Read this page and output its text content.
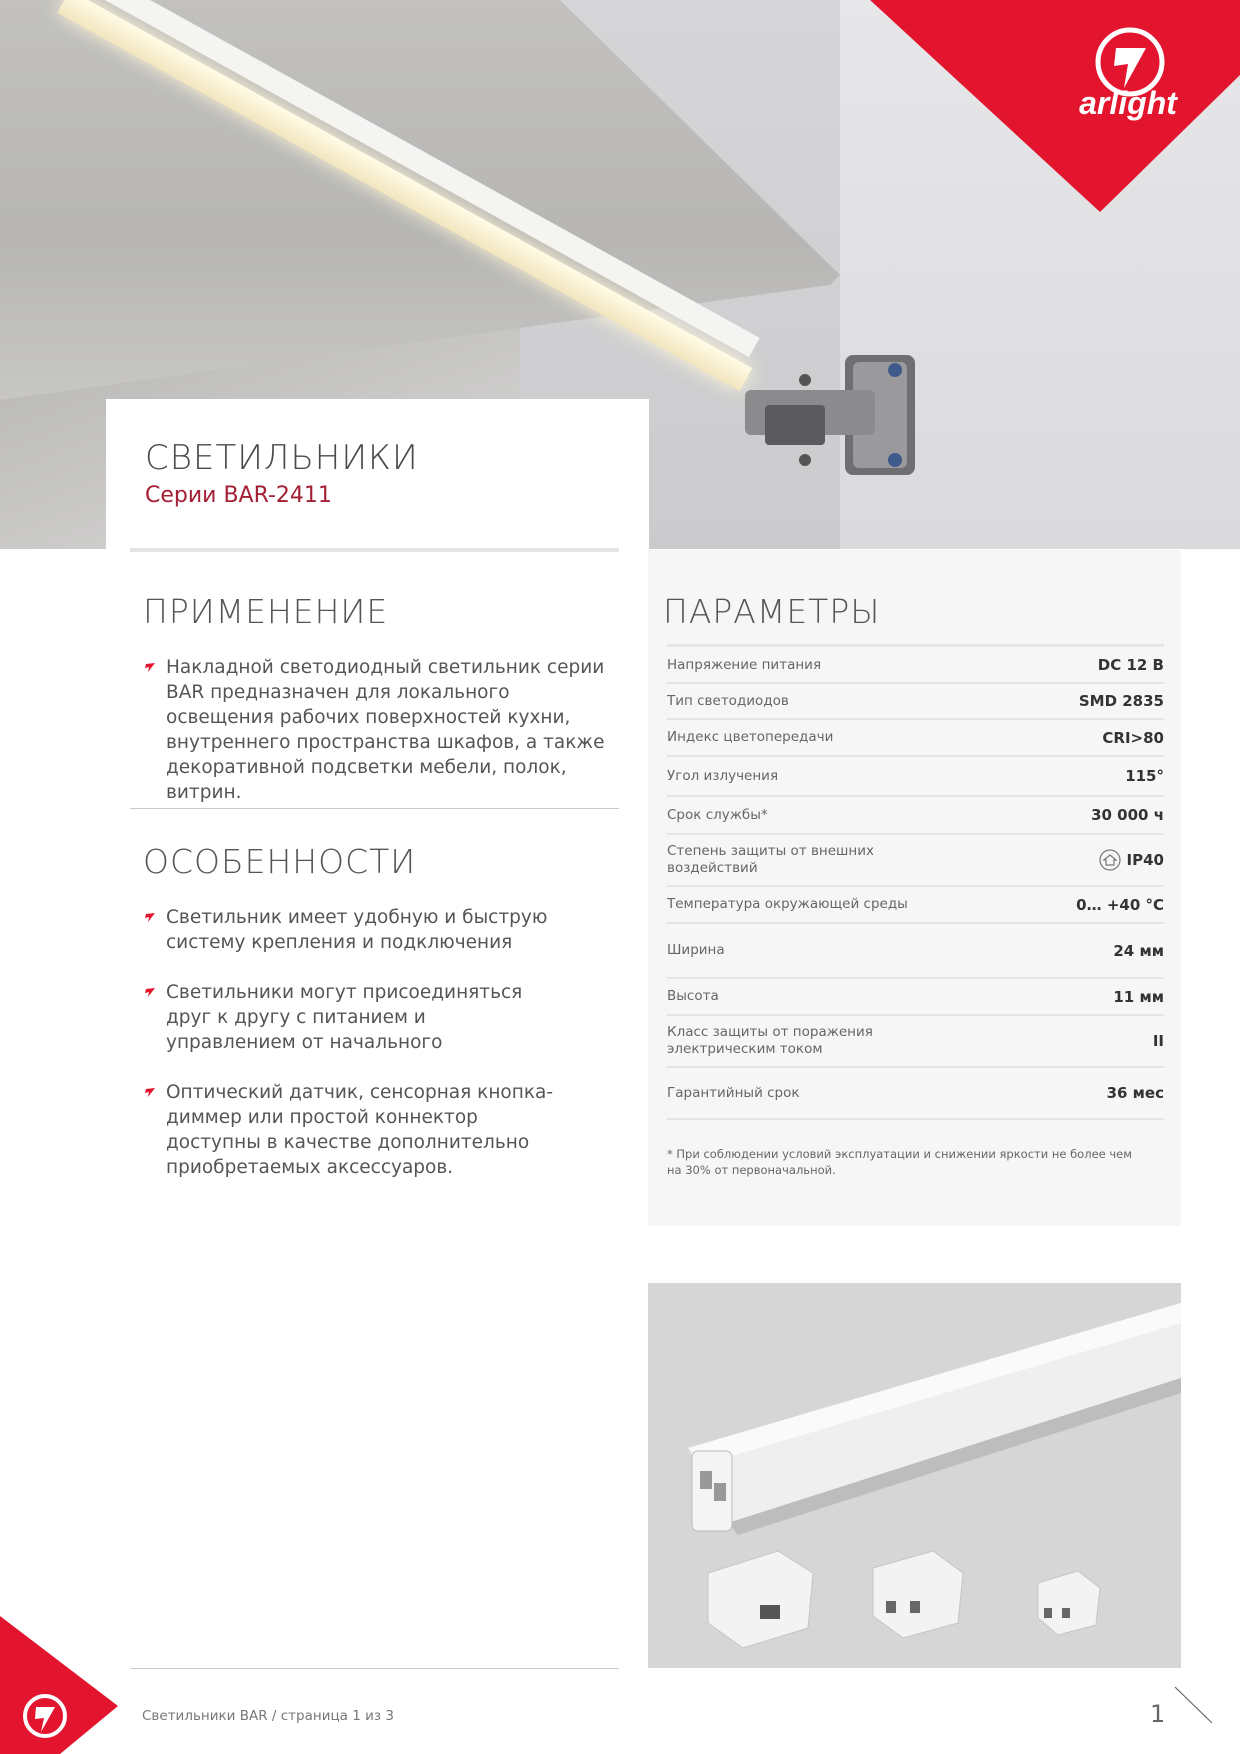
arlight
СВЕТИЛЬНИКИ
Серии BAR-2411
ПРИМЕНЕНИЕ
Накладной светодиодный светильник серии BAR предназначен для локального освещения рабочих поверхностей кухни, внутреннего пространства шкафов, а также декоративной подсветки мебели, полок, витрин.
ОСОБЕННОСТИ
Светильник имеет удобную и быструю систему крепления и подключения
Светильники могут присоединяться друг к другу с питанием и управлением от начального
Оптический датчик, сенсорная кнопка-диммер или простой коннектор доступны в качестве дополнительно приобретаемых аксессуаров.
ПАРАМЕТРЫ
Напряжение питания	DC 12 В
Тип светодиодов	SMD 2835
Индекс цветопередачи	CRI>80
Угол излучения	115°
Срок службы*	30 000 ч
Степень защиты от внешних воздействий	IP40
Температура окружающей среды	0… +40 °C
Ширина	24 мм
Высота	11 мм
Класс защиты от поражения электрическим током	II
Гарантийный срок	36 мес
* При соблюдении условий эксплуатации и снижении яркости не более чем на 30% от первоначальной.
Светильники BAR / страница 1 из 3	1
